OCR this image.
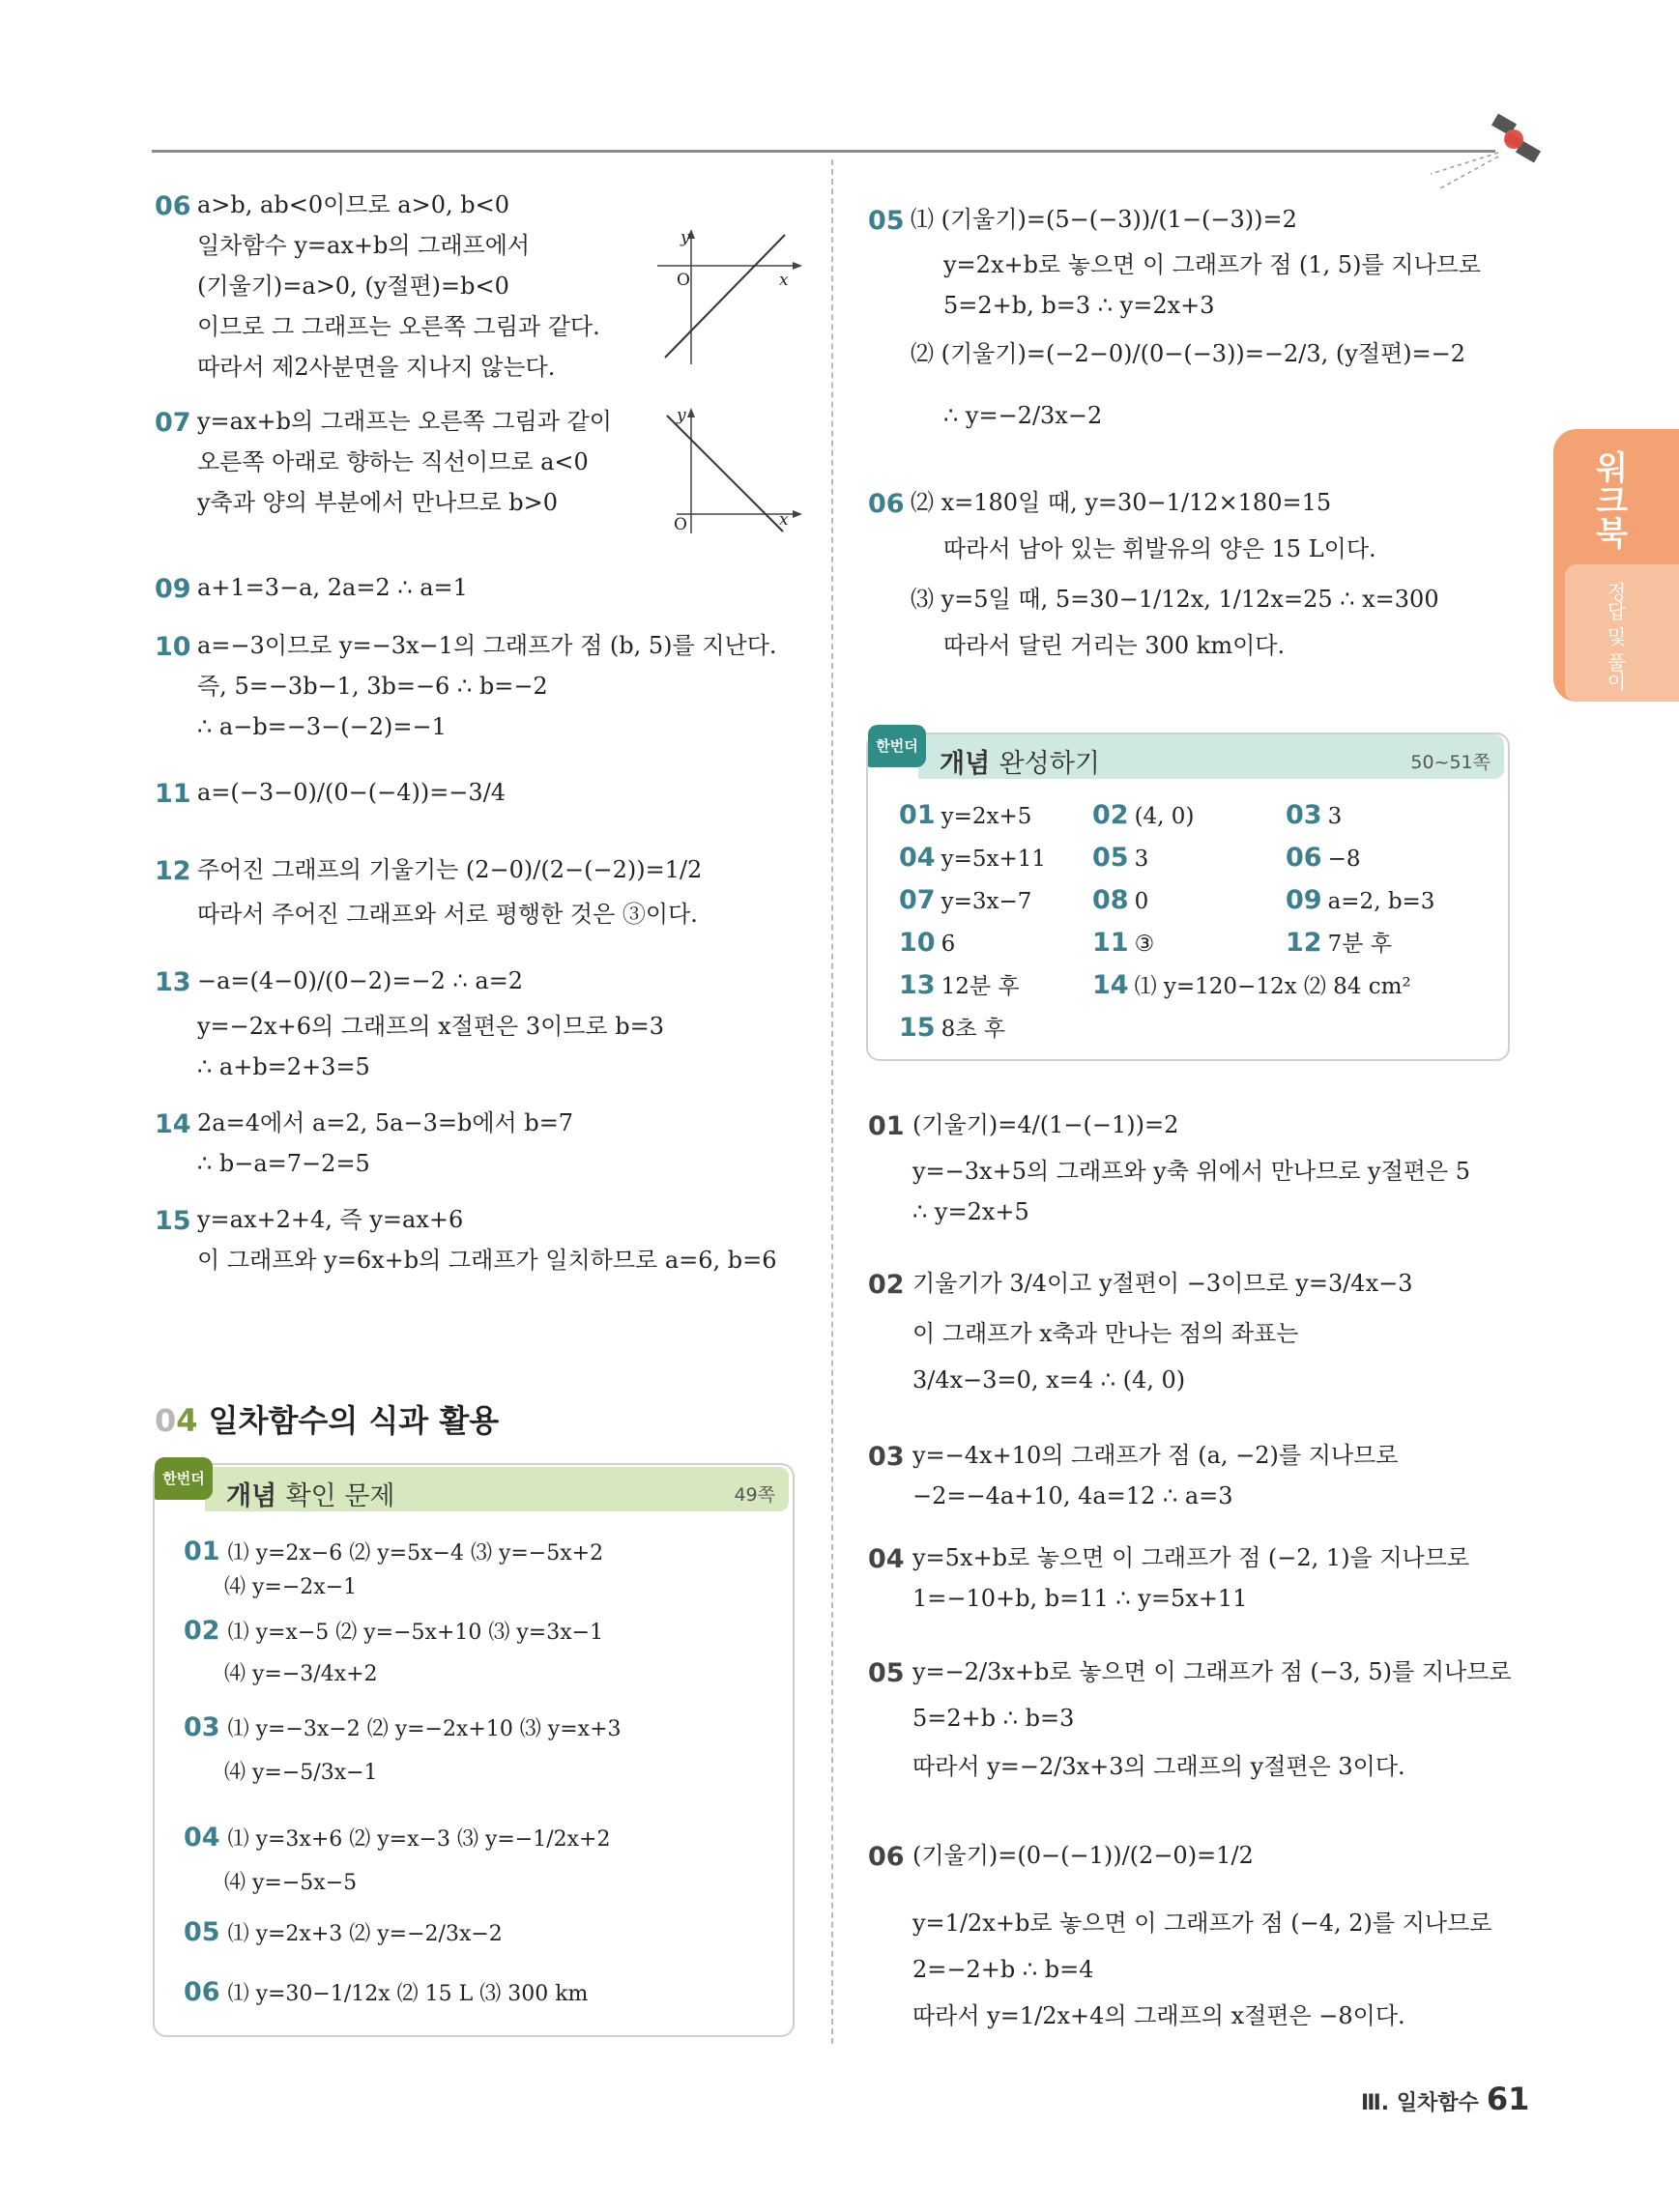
워크북
정답 및 풀이
06 a>b, ab<0이므로 a>0, b<0
일차함수 y=ax+b의 그래프에서
(기울기)=a>0, (y절편)=b<0
이므로 그 그래프는 오른쪽 그림과 같다.
따라서 제2사분면을 지나지 않는다.
y
O	x
07 y=ax+b의 그래프는 오른쪽 그림과 같이
오른쪽 아래로 향하는 직선이므로 a<0
y축과 양의 부분에서 만나므로 b>0
y
O	x
09 a+1=3−a, 2a=2 ∴ a=1
10 a=−3이므로 y=−3x−1의 그래프가 점 (b, 5)를 지난다.
즉, 5=−3b−1, 3b=−6 ∴ b=−2
∴ a−b=−3−(−2)=−1
11 a=(−3−0)/(0−(−4))=−3/4
12 주어진 그래프의 기울기는 (2−0)/(2−(−2))=1/2
따라서 주어진 그래프와 서로 평행한 것은 ③이다.
13 −a=(4−0)/(0−2)=−2 ∴ a=2
y=−2x+6의 그래프의 x절편은 3이므로 b=3
∴ a+b=2+3=5
14 2a=4에서 a=2, 5a−3=b에서 b=7
∴ b−a=7−2=5
15 y=ax+2+4, 즉 y=ax+6
이 그래프와 y=6x+b의 그래프가 일치하므로 a=6, b=6
04 일차함수의 식과 활용
개념 확인 문제	49쪽
한번더
01 ⑴ y=2x−6 ⑵ y=5x−4 ⑶ y=−5x+2
⑷ y=−2x−1
02 ⑴ y=x−5 ⑵ y=−5x+10 ⑶ y=3x−1
⑷ y=−3/4x+2
03 ⑴ y=−3x−2 ⑵ y=−2x+10 ⑶ y=x+3
⑷ y=−5/3x−1
04 ⑴ y=3x+6 ⑵ y=x−3 ⑶ y=−1/2x+2
⑷ y=−5x−5
05 ⑴ y=2x+3 ⑵ y=−2/3x−2
06 ⑴ y=30−1/12x ⑵ 15 L ⑶ 300 km
05 ⑴ (기울기)=(5−(−3))/(1−(−3))=2
y=2x+b로 놓으면 이 그래프가 점 (1, 5)를 지나므로
5=2+b, b=3 ∴ y=2x+3
⑵ (기울기)=(−2−0)/(0−(−3))=−2/3, (y절편)=−2
∴ y=−2/3x−2
06 ⑵ x=180일 때, y=30−1/12×180=15
따라서 남아 있는 휘발유의 양은 15 L이다.
⑶ y=5일 때, 5=30−1/12x, 1/12x=25 ∴ x=300
따라서 달린 거리는 300 km이다.
개념 완성하기	50~51쪽
한번더
01 y=2x+5 02 (4, 0)	03 3
04 y=5x+11 05 3	06 −8
07 y=3x−7 08 0	09 a=2, b=3
10 6	11 ③	12 7분 후
13 12분 후	14 ⑴ y=120−12x ⑵ 84 cm²
15 8초 후
01 (기울기)=4/(1−(−1))=2
y=−3x+5의 그래프와 y축 위에서 만나므로 y절편은 5
∴ y=2x+5
02 기울기가 3/4이고 y절편이 −3이므로 y=3/4x−3
이 그래프가 x축과 만나는 점의 좌표는
3/4x−3=0, x=4 ∴ (4, 0)
03 y=−4x+10의 그래프가 점 (a, −2)를 지나므로
−2=−4a+10, 4a=12 ∴ a=3
04 y=5x+b로 놓으면 이 그래프가 점 (−2, 1)을 지나므로
1=−10+b, b=11 ∴ y=5x+11
05 y=−2/3x+b로 놓으면 이 그래프가 점 (−3, 5)를 지나므로
5=2+b ∴ b=3
따라서 y=−2/3x+3의 그래프의 y절편은 3이다.
06 (기울기)=(0−(−1))/(2−0)=1/2
y=1/2x+b로 놓으면 이 그래프가 점 (−4, 2)를 지나므로
2=−2+b ∴ b=4
따라서 y=1/2x+4의 그래프의 x절편은 −8이다.
Ⅲ. 일차함수 61
